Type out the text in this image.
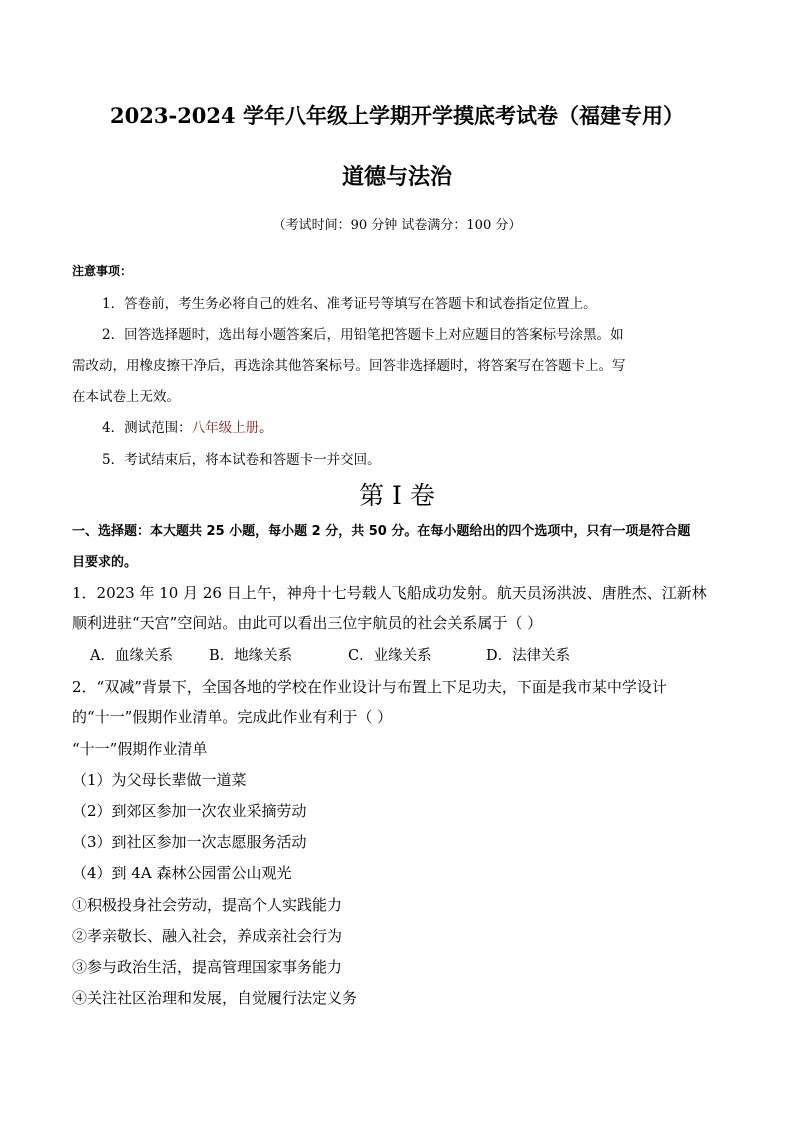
2023-2024 学年八年级上学期开学摸底考试卷（福建专用）
道德与法治
（考试时间：90 分钟 试卷满分：100 分）
注意事项：
1．答卷前，考生务必将自己的姓名、准考证号等填写在答题卡和试卷指定位置上。
2．回答选择题时，选出每小题答案后，用铅笔把答题卡上对应题目的答案标号涂黑。如
需改动，用橡皮擦干净后，再选涂其他答案标号。回答非选择题时，将答案写在答题卡上。写
在本试卷上无效。
4．测试范围：八年级上册。
5．考试结束后，将本试卷和答题卡一并交回。
第 I 卷
一、选择题：本大题共 25 小题，每小题 2 分，共 50 分。在每小题给出的四个选项中，只有一项是符合题
目要求的。
1．2023 年 10 月 26 日上午，神舟十七号载人飞船成功发射。航天员汤洪波、唐胜杰、江新林
顺利进驻“天宫”空间站。由此可以看出三位宇航员的社会关系属于（ ）
A．血缘关系 B．地缘关系	C．业缘关系	D．法律关系
2．“双减”背景下，全国各地的学校在作业设计与布置上下足功夫，下面是我市某中学设计
的“十一”假期作业清单。完成此作业有利于（ ）
“十一”假期作业清单
（1）为父母长辈做一道菜
（2）到郊区参加一次农业采摘劳动
（3）到社区参加一次志愿服务活动
（4）到 4A 森林公园雷公山观光
①积极投身社会劳动，提高个人实践能力
②孝亲敬长、融入社会，养成亲社会行为
③参与政治生活，提高管理国家事务能力
④关注社区治理和发展，自觉履行法定义务
